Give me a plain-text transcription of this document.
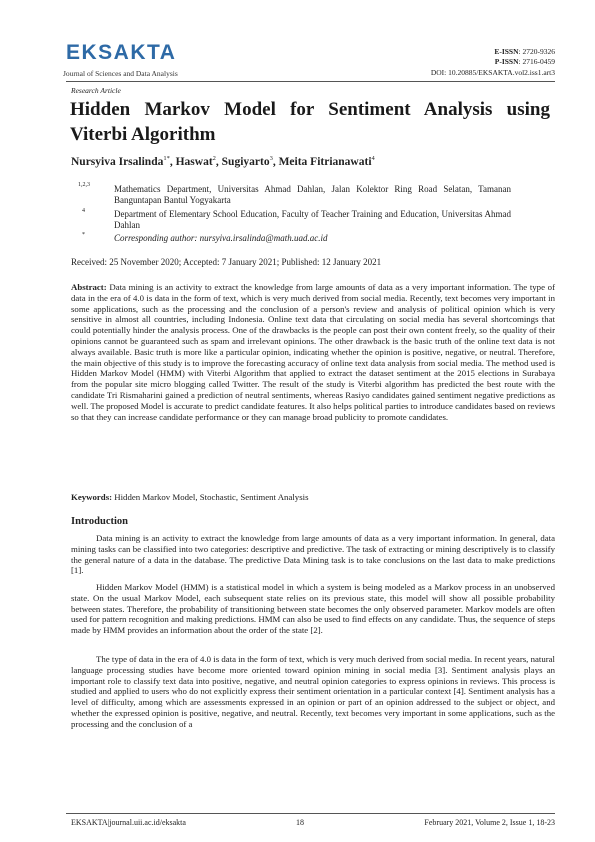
EKSAKTA
Journal of Sciences and Data Analysis
E-ISSN: 2720-9326
P-ISSN: 2716-0459
DOI: 10.20885/EKSAKTA.vol2.iss1.art3
Research Article
Hidden Markov Model for Sentiment Analysis using Viterbi Algorithm
Nursyiva Irsalinda$^{1*}$, Haswat$^2$, Sugiyarto$^3$, Meita Fitrianawati$^4$
1,2,3	Mathematics Department, Universitas Ahmad Dahlan, Jalan Kolektor Ring Road Selatan, Tamanan Banguntapan Bantul Yogyakarta
4	Department of Elementary School Education, Faculty of Teacher Training and Education, Universitas Ahmad Dahlan
*	Corresponding author: nursyiva.irsalinda@math.uad.ac.id
Received: 25 November 2020; Accepted: 7 January 2021; Published: 12 January 2021
Abstract: Data mining is an activity to extract the knowledge from large amounts of data as a very important information. The type of data in the era of 4.0 is data in the form of text, which is very much derived from social media. Recently, text becomes very important in some applications, such as the processing and the conclusion of a person's review and analysis of political opinion which is very sensitive in almost all countries, including Indonesia. Online text data that circulating on social media has several shortcomings that could potentially hinder the analysis process. One of the drawbacks is the people can post their own content freely, so the quality of their opinions cannot be guaranteed such as spam and irrelevant opinions. The other drawback is the basic truth of the online text data is not always available. Basic truth is more like a particular opinion, indicating whether the opinion is positive, negative, or neutral. Therefore, the main objective of this study is to improve the forecasting accuracy of online text data analysis from social media. The method used is Hidden Markov Model (HMM) with Viterbi Algorithm that applied to extract the dataset sentiment at the 2015 elections in Surabaya from the popular site micro blogging called Twitter. The result of the study is Viterbi algorithm has predicted the best route with the candidate Tri Rismaharini gained a prediction of neutral sentiments, whereas Rasiyo candidates gained sentiment negative predictions as well. The proposed Model is accurate to predict candidate features. It also helps political parties to introduce candidates based on reviews so that they can increase candidate performance or they can manage broad publicity to promote candidates.
Keywords: Hidden Markov Model, Stochastic, Sentiment Analysis
Introduction
Data mining is an activity to extract the knowledge from large amounts of data as a very important information. In general, data mining tasks can be classified into two categories: descriptive and predictive. The task of extracting or mining descriptively is to classify the general nature of a data in the database. The predictive Data Mining task is to take conclusions on the last data to make predictions [1].
Hidden Markov Model (HMM) is a statistical model in which a system is being modeled as a Markov process in an unobserved state. On the usual Markov Model, each subsequent state relies on its previous state, this model will show all possible probability between states. Therefore, the probability of transitioning between state becomes the only observed parameter. Markov models are often used for pattern recognition and making predictions. HMM can also be used to find effects on any candidate. Thus, the sequence of steps made by HMM provides an information about the order of the state [2].
The type of data in the era of 4.0 is data in the form of text, which is very much derived from social media. In recent years, natural language processing studies have become more oriented toward opinion mining in social media [3]. Sentiment analysis plays an important role to classify text data into positive, negative, and neutral opinion categories to express opinions in reviews. This process is studied and applied to users who do not explicitly express their sentiment orientation in a particular context [4]. Sentiment analysis has a level of difficulty, among which are assessments expressed in an opinion or part of an opinion addressed to the subject or object, and whether the expressed opinion is positive, negative, and neutral. Recently, text becomes very important in some applications, such as the processing and the conclusion of a
EKSAKTA|journal.uii.ac.id/eksakta	18	February 2021, Volume 2, Issue 1, 18-23
